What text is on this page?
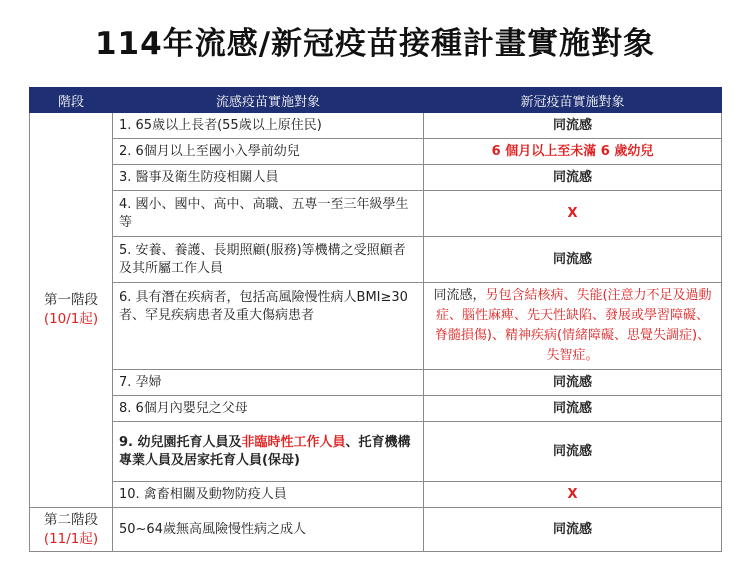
114年流感/新冠疫苗接種計畫實施對象
階段	流感疫苗實施對象	新冠疫苗實施對象

第一階段
(10/1起)	1. 65歲以上長者(55歲以上原住民)	同流感
	2. 6個月以上至國小入學前幼兒	6 個月以上至未滿 6 歲幼兒
	3. 醫事及衛生防疫相關人員	同流感
	4. 國小、國中、高中、高職、五專一至三年級學生等	X
	5. 安養、養護、長期照顧(服務)等機構之受照顧者及其所屬工作人員	同流感
	6. 具有潛在疾病者，包括高風險慢性病人BMI≥30者、罕見疾病患者及重大傷病患者	同流感，另包含結核病、失能(注意力不足及過動症、腦性麻痺、先天性缺陷、發展或學習障礙、脊髓損傷)、精神疾病(情緒障礙、思覺失調症)、失智症。
	7. 孕婦	同流感
	8. 6個月內嬰兒之父母	同流感
	9. 幼兒園托育人員及非臨時性工作人員、托育機構專業人員及居家托育人員(保母)	同流感
	10. 禽畜相關及動物防疫人員	X

第二階段
(11/1起)	50~64歲無高風險慢性病之成人	同流感
